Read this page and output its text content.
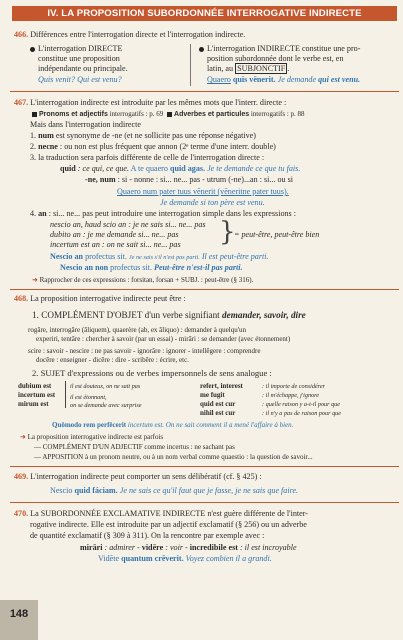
IV. LA PROPOSITION SUBORDONNÉE INTERROGATIVE INDIRECTE
466. Différences entre l'interrogation directe et l'interrogation indirecte.
L'interrogation DIRECTE
constitue une proposition
indépendante ou principale.
Quis venit? Qui est venu?
L'interrogation INDIRECTE constitue une pro-
position subordonnée dont le verbe est, en
latin, au SUBJONCTIF .
Quaero quis vēnerit. Je demande qui est venu.
467. L'interrogation indirecte est introduite par les mêmes mots que l'interr. directe :
Pronoms et adjectifs interrogatifs : p. 69 Adverbes et particules interrogatifs : p. 88
Mais dans l'interrogation indirecte
1. num est synonyme de -ne (et ne sollicite pas une réponse négative)
2. necne : ou non est plus fréquent que annon (2ᵉ terme d'une interr. double)
3. la traduction sera parfois différente de celle de l'interrogation directe :
quid : ce qui, ce que. A te quaero quid agas. Je te demande ce que tu fais.
-ne, num : si - nonne : si... ne... pas - utrum (-ne)...an : si... ou si
Quaero num pater tuus vēnerit (vēneritne pater tuus).
Je demande si ton père est venu.
4. an : si... ne... pas peut introduire une interrogation simple dans les expressions :
nescio an, haud scio an : je ne sais si... ne... pas
dubito an : je me demande si... ne... pas
incertum est an : on ne sait si... ne... pas }
= peut-être, peut-être bien
Nescio an profectus sit. Je ne sais s'il n'est pas parti. Il est peut-être parti.
Nescio an non profectus sit. Peut-être n'est-il pas parti.
➜ Rapprocher de ces expressions : forsitan, forsan + SUBJ. : peut-être (§ 316).
468. La proposition interrogative indirecte peut être :
1. COMPLÉMENT D'OBJET d'un verbe signifiant demander, savoir, dire
rogāre, interrogāre (āliquem), quaerère (ab, ex āliquo) : demander à quelqu'un
experiri, tentāre : chercher à savoir (par un essai) - mirāri : se demander (avec étonnement)
scire : savoir - nescire : ne pas savoir - ignorāre : ignorer - intellēgere : comprendre
docēre : enseigner - dicēre : dire - scribēre : écrire, etc.
2. SUJET d'expressions ou de verbes impersonnels de sens analogue :
dubium est
incertum est
mirum est
il est douteux, on ne sait pas
il est étonnant,
on se demande avec surprise
refert, interest
me fugit
quid est cur
nihil est cur
: il importe de considérer
: il m'échappe, j'ignore
: quelle raison y a-t-il pour que
: il n'y a pas de raison pour que
Quōmodo rem perfēcerit incertum est. On ne sait comment il a mené l'affaire à bien.
➜ La proposition interrogative indirecte est parfois
— COMPLÉMENT D'UN ADJECTIF comme incertus : ne sachant pas
— APPOSITION à un pronom neutre, ou à un nom verbal comme quaestio : la question de savoir...
469. L'interrogation indirecte peut comporter un sens délibératif (cf. § 425) :
Nescio quid fáciam. Je ne sais ce qu'il faut que je fasse, je ne sais que faire.
470. La SUBORDONNÉE EXCLAMATIVE INDIRECTE n'est guère différente de l'inter-
rogative indirecte. Elle est introduite par un adjectif exclamatif (§ 256) ou un adverbe
de quantité exclamatif (§ 309 à 311). On la rencontre par exemple avec :
mirāri : admirer - vidēre : voir - incredibile est : il est incroyable
Vidēte quantum crēverit. Voyez combien il a grandi.
148
